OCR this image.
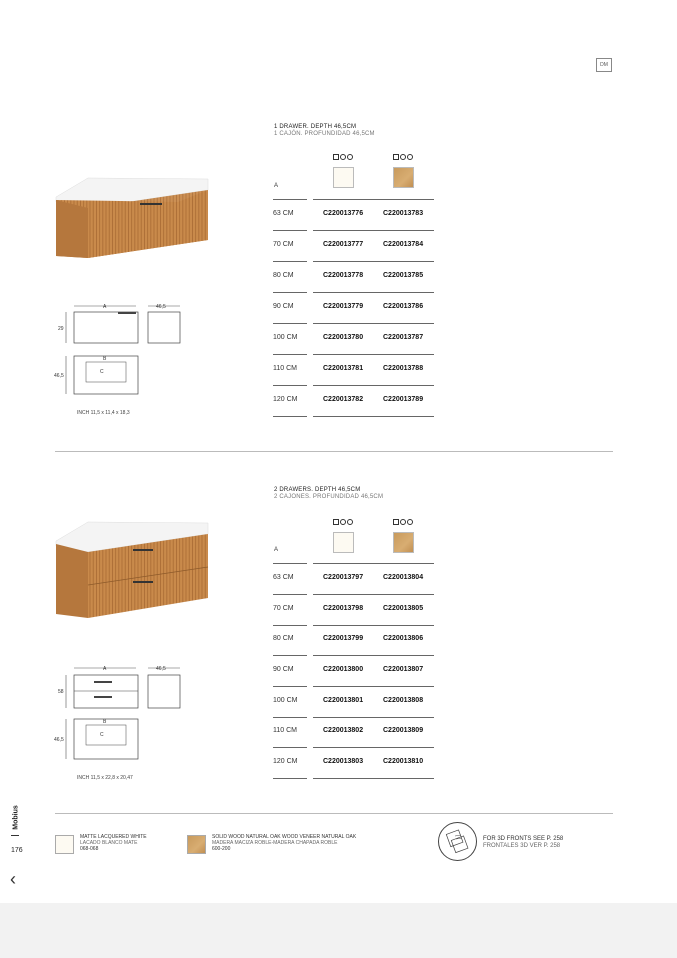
DM
A	46,5
29
B
C
46,5
INCH 11,5 x 11,4 x 18,3
1 DRAWER. DEPTH 46,5CM
1 CAJÓN. PROFUNDIDAD 46,5CM
A
63 CM	C220013776	C220013783
70 CM	C220013777	C220013784
80 CM	C220013778	C220013785
90 CM	C220013779	C220013786
100 CM	C220013780	C220013787
110 CM	C220013781	C220013788
120 CM	C220013782	C220013789
A	46,5
58
B
C
46,5
INCH 11,5 x 22,8 x 20,47
2 DRAWERS. DEPTH 46,5CM
2 CAJONES. PROFUNDIDAD 46,5CM
A
63 CM	C220013797	C220013804
70 CM	C220013798	C220013805
80 CM	C220013799	C220013806
90 CM	C220013800	C220013807
100 CM	C220013801	C220013808
110 CM	C220013802	C220013809
120 CM	C220013803	C220013810
MATTE LACQUERED WHITE
LACADO BLANCO MATE
068-068
SOLID WOOD NATURAL OAK WOOD VENEER NATURAL OAK
MADERA MACIZA ROBLE-MADERA CHAPADA ROBLE
600-200
FOR 3D FRONTS SEE P. 258
FRONTALES 3D VER P. 258
Mobius
176
‹
